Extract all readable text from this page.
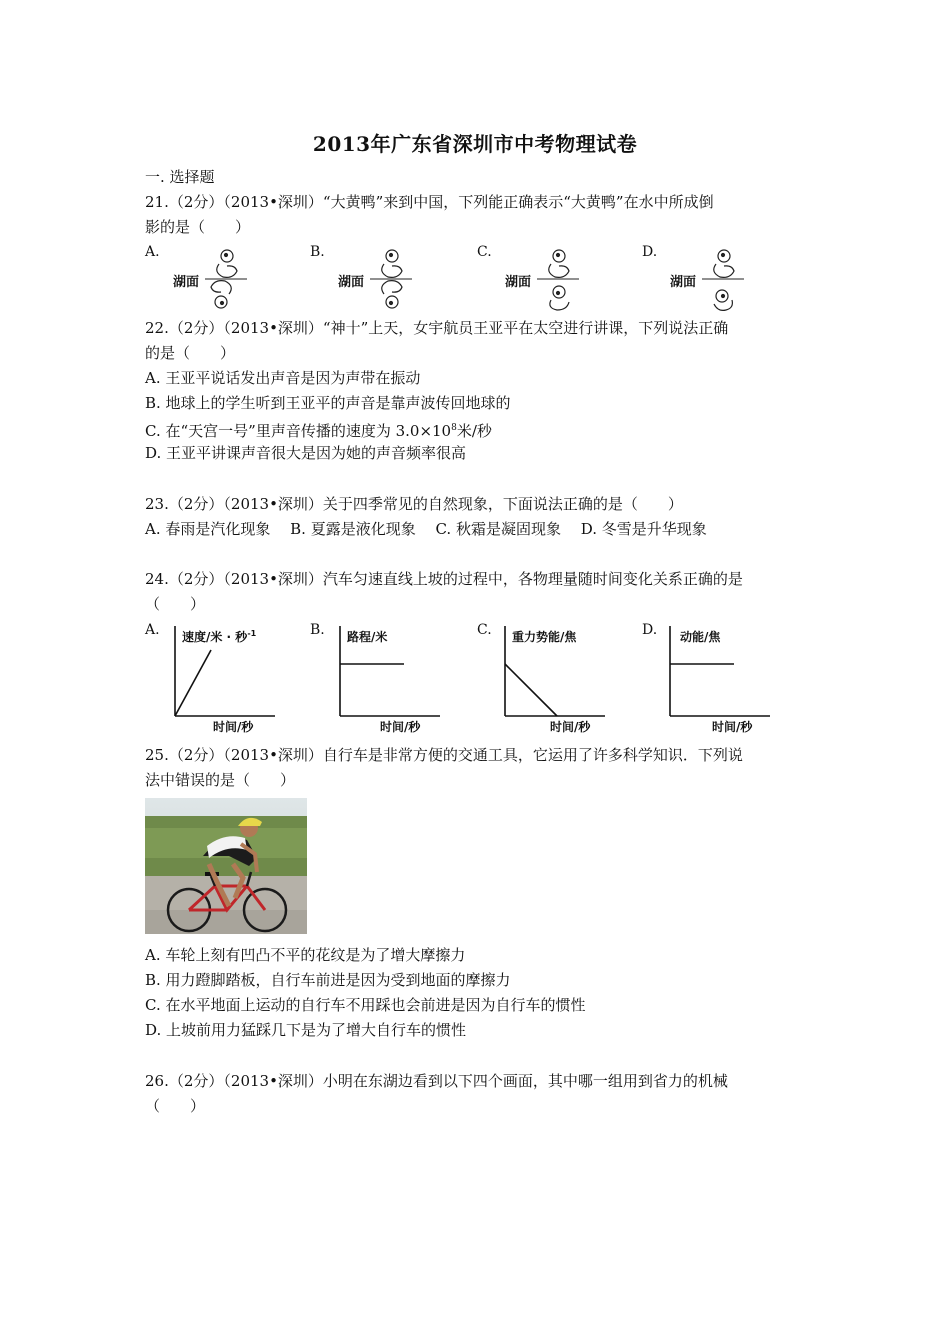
2013年广东省深圳市中考物理试卷
一. 选择题
21.（2分）（2013•深圳）“大黄鸭”来到中国，下列能正确表示“大黄鸭”在水中所成倒
影的是（　　）
A.
湖面
B.
湖面
C.
湖面
D.
湖面
22.（2分）（2013•深圳）“神十”上天，女宇航员王亚平在太空进行讲课，下列说法正确
的是（　　）
A. 王亚平说话发出声音是因为声带在振动
B. 地球上的学生听到王亚平的声音是靠声波传回地球的
C. 在“天宫一号”里声音传播的速度为 $3.0\times 10^8$米/秒
D. 王亚平讲课声音很大是因为她的声音频率很高
23.（2分）（2013•深圳）关于四季常见的自然现象，下面说法正确的是（　　）
A. 春雨是汽化现象　 B. 夏露是液化现象　 C. 秋霜是凝固现象　 D. 冬雪是升华现象
24.（2分）（2013•深圳）汽车匀速直线上坡的过程中，各物理量随时间变化关系正确的是
（　　）
A. 速度/米 · 秒$^{-1}$
时间/秒
B. 路程/米
时间/秒
C. 重力势能/焦
时间/秒
D. 动能/焦
时间/秒
25.（2分）（2013•深圳）自行车是非常方便的交通工具，它运用了许多科学知识．下列说
法中错误的是（　　）
A. 车轮上刻有凹凸不平的花纹是为了增大摩擦力
B. 用力蹬脚踏板，自行车前进是因为受到地面的摩擦力
C. 在水平地面上运动的自行车不用踩也会前进是因为自行车的惯性
D. 上坡前用力猛踩几下是为了增大自行车的惯性
26.（2分）（2013•深圳）小明在东湖边看到以下四个画面，其中哪一组用到省力的机械
（　　）
